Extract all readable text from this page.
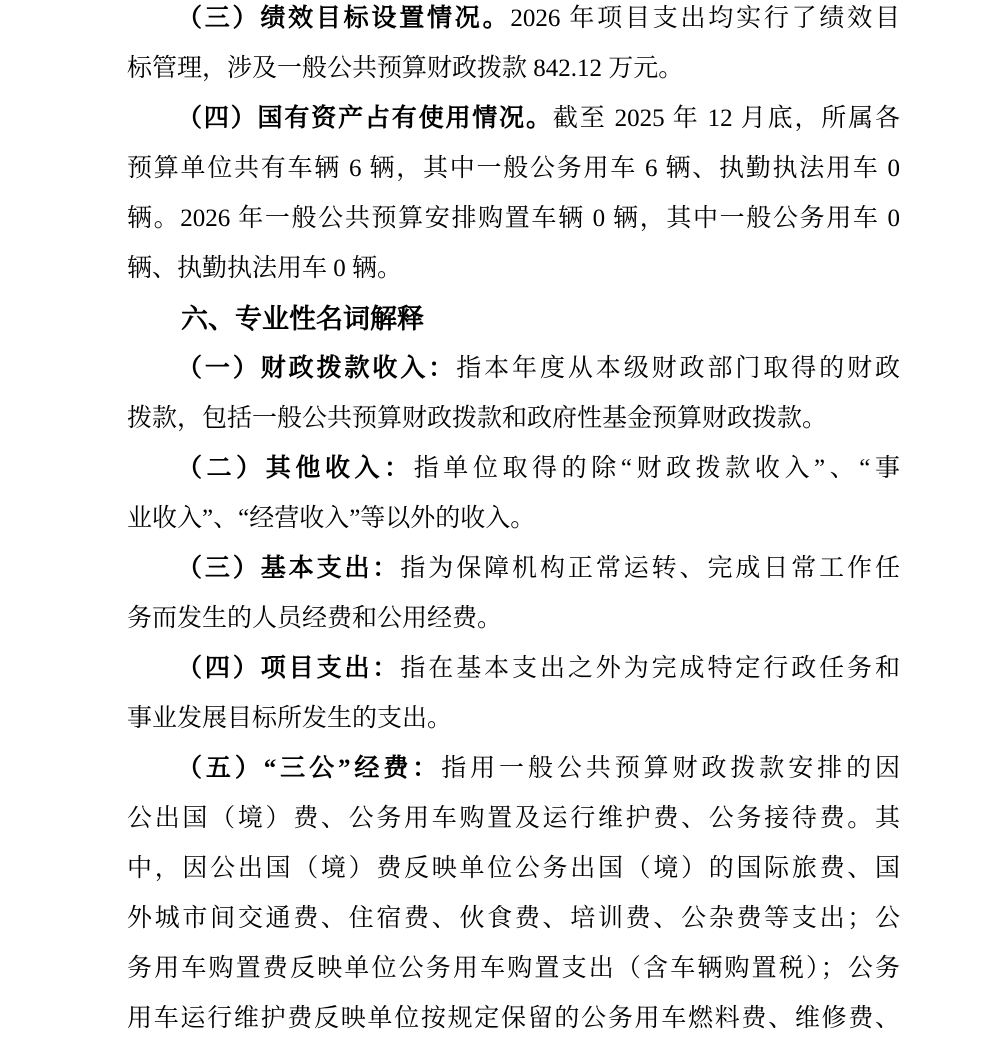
（三）绩效目标设置情况。2026 年项目支出均实行了绩效目
标管理，涉及一般公共预算财政拨款 842.12 万元。
（四）国有资产占有使用情况。截至 2025 年 12 月底，所属各
预算单位共有车辆 6 辆，其中一般公务用车 6 辆、执勤执法用车 0
辆。2026 年一般公共预算安排购置车辆 0 辆，其中一般公务用车 0
辆、执勤执法用车 0 辆。
六、专业性名词解释
（一）财政拨款收入：指本年度从本级财政部门取得的财政
拨款，包括一般公共预算财政拨款和政府性基金预算财政拨款。
（二）其他收入：指单位取得的除“财政拨款收入”、“事
业收入”、“经营收入”等以外的收入。
（三）基本支出：指为保障机构正常运转、完成日常工作任
务而发生的人员经费和公用经费。
（四）项目支出：指在基本支出之外为完成特定行政任务和
事业发展目标所发生的支出。
（五）“三公”经费：指用一般公共预算财政拨款安排的因
公出国（境）费、公务用车购置及运行维护费、公务接待费。其
中，因公出国（境）费反映单位公务出国（境）的国际旅费、国
外城市间交通费、住宿费、伙食费、培训费、公杂费等支出；公
务用车购置费反映单位公务用车购置支出（含车辆购置税）；公务
用车运行维护费反映单位按规定保留的公务用车燃料费、维修费、
